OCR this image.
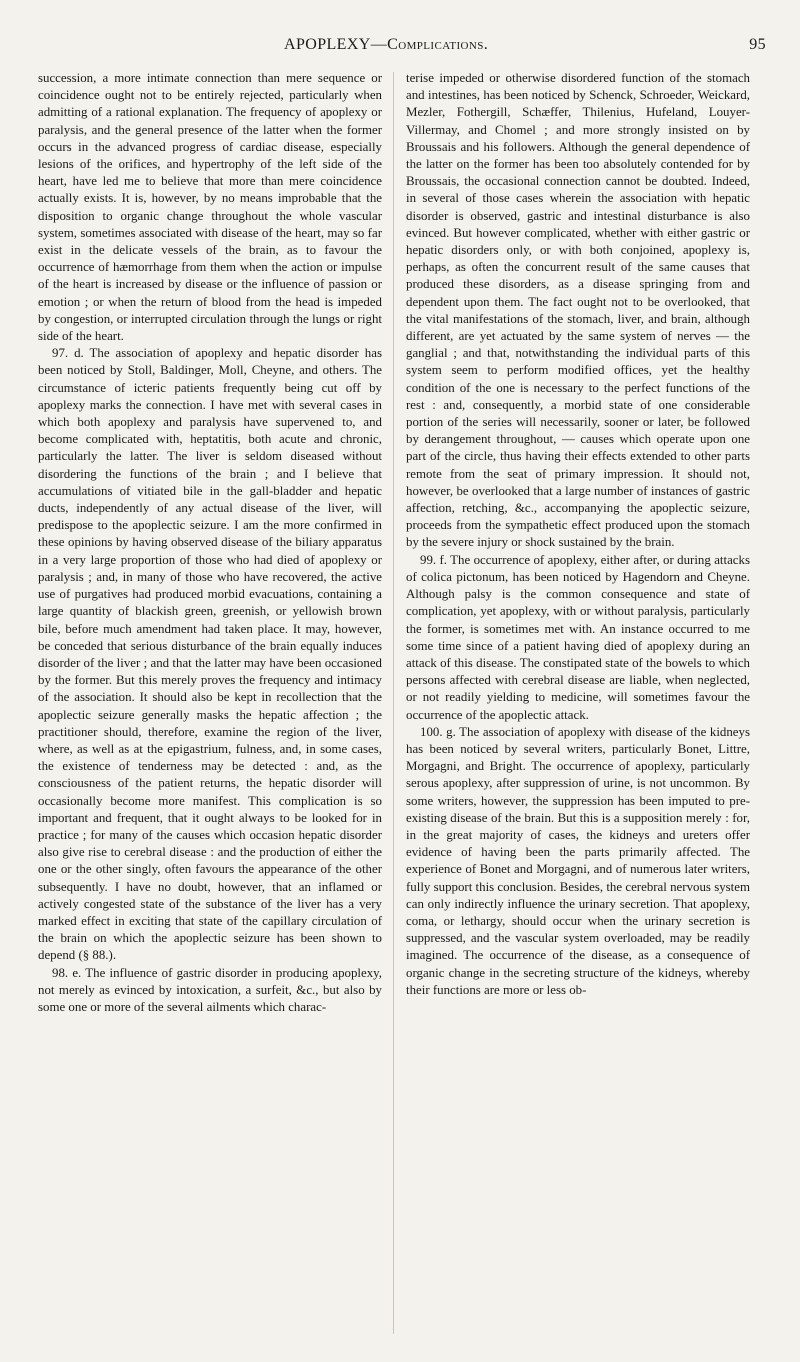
APOPLEXY—Complications.	95

succession, a more intimate connection than mere sequence or coincidence ought not to be entirely rejected, particularly when admitting of a rational explanation. The frequency of apoplexy or paralysis, and the general presence of the latter when the former occurs in the advanced progress of cardiac disease, especially lesions of the orifices, and hypertrophy of the left side of the heart, have led me to believe that more than mere coincidence actually exists. It is, however, by no means improbable that the disposition to organic change throughout the whole vascular system, sometimes associated with disease of the heart, may so far exist in the delicate vessels of the brain, as to favour the occurrence of hæmorrhage from them when the action or impulse of the heart is increased by disease or the influence of passion or emotion ; or when the return of blood from the head is impeded by congestion, or interrupted circulation through the lungs or right side of the heart.

97. d. The association of apoplexy and hepatic disorder has been noticed by Stoll, Baldinger, Moll, Cheyne, and others. The circumstance of icteric patients frequently being cut off by apoplexy marks the connection. I have met with several cases in which both apoplexy and paralysis have supervened to, and become complicated with, heptatitis, both acute and chronic, particularly the latter. The liver is seldom diseased without disordering the functions of the brain ; and I believe that accumulations of vitiated bile in the gall-bladder and hepatic ducts, independently of any actual disease of the liver, will predispose to the apoplectic seizure. I am the more confirmed in these opinions by having observed disease of the biliary apparatus in a very large proportion of those who had died of apoplexy or paralysis ; and, in many of those who have recovered, the active use of purgatives had produced morbid evacuations, containing a large quantity of blackish green, greenish, or yellowish brown bile, before much amendment had taken place. It may, however, be conceded that serious disturbance of the brain equally induces disorder of the liver ; and that the latter may have been occasioned by the former. But this merely proves the frequency and intimacy of the association. It should also be kept in recollection that the apoplectic seizure generally masks the hepatic affection ; the practitioner should, therefore, examine the region of the liver, where, as well as at the epigastrium, fulness, and, in some cases, the existence of tenderness may be detected : and, as the consciousness of the patient returns, the hepatic disorder will occasionally become more manifest. This complication is so important and frequent, that it ought always to be looked for in practice ; for many of the causes which occasion hepatic disorder also give rise to cerebral disease : and the production of either the one or the other singly, often favours the appearance of the other subsequently. I have no doubt, however, that an inflamed or actively congested state of the substance of the liver has a very marked effect in exciting that state of the capillary circulation of the brain on which the apoplectic seizure has been shown to depend (§ 88.).

98. e. The influence of gastric disorder in producing apoplexy, not merely as evinced by intoxication, a surfeit, &c., but also by some one or more of the several ailments which charac-

terise impeded or otherwise disordered function of the stomach and intestines, has been noticed by Schenck, Schroeder, Weickard, Mezler, Fothergill, Schæffer, Thilenius, Hufeland, Louyer-Villermay, and Chomel ; and more strongly insisted on by Broussais and his followers. Although the general dependence of the latter on the former has been too absolutely contended for by Broussais, the occasional connection cannot be doubted. Indeed, in several of those cases wherein the association with hepatic disorder is observed, gastric and intestinal disturbance is also evinced. But however complicated, whether with either gastric or hepatic disorders only, or with both conjoined, apoplexy is, perhaps, as often the concurrent result of the same causes that produced these disorders, as a disease springing from and dependent upon them. The fact ought not to be overlooked, that the vital manifestations of the stomach, liver, and brain, although different, are yet actuated by the same system of nerves — the ganglial ; and that, notwithstanding the individual parts of this system seem to perform modified offices, yet the healthy condition of the one is necessary to the perfect functions of the rest : and, consequently, a morbid state of one considerable portion of the series will necessarily, sooner or later, be followed by derangement throughout, — causes which operate upon one part of the circle, thus having their effects extended to other parts remote from the seat of primary impression. It should not, however, be overlooked that a large number of instances of gastric affection, retching, &c., accompanying the apoplectic seizure, proceeds from the sympathetic effect produced upon the stomach by the severe injury or shock sustained by the brain.

99. f. The occurrence of apoplexy, either after, or during attacks of colica pictonum, has been noticed by Hagendorn and Cheyne. Although palsy is the common consequence and state of complication, yet apoplexy, with or without paralysis, particularly the former, is sometimes met with. An instance occurred to me some time since of a patient having died of apoplexy during an attack of this disease. The constipated state of the bowels to which persons affected with cerebral disease are liable, when neglected, or not readily yielding to medicine, will sometimes favour the occurrence of the apoplectic attack.

100. g. The association of apoplexy with disease of the kidneys has been noticed by several writers, particularly Bonet, Littre, Morgagni, and Bright. The occurrence of apoplexy, particularly serous apoplexy, after suppression of urine, is not uncommon. By some writers, however, the suppression has been imputed to pre-existing disease of the brain. But this is a supposition merely : for, in the great majority of cases, the kidneys and ureters offer evidence of having been the parts primarily affected. The experience of Bonet and Morgagni, and of numerous later writers, fully support this conclusion. Besides, the cerebral nervous system can only indirectly influence the urinary secretion. That apoplexy, coma, or lethargy, should occur when the urinary secretion is suppressed, and the vascular system overloaded, may be readily imagined. The occurrence of the disease, as a consequence of organic change in the secreting structure of the kidneys, whereby their functions are more or less ob-
